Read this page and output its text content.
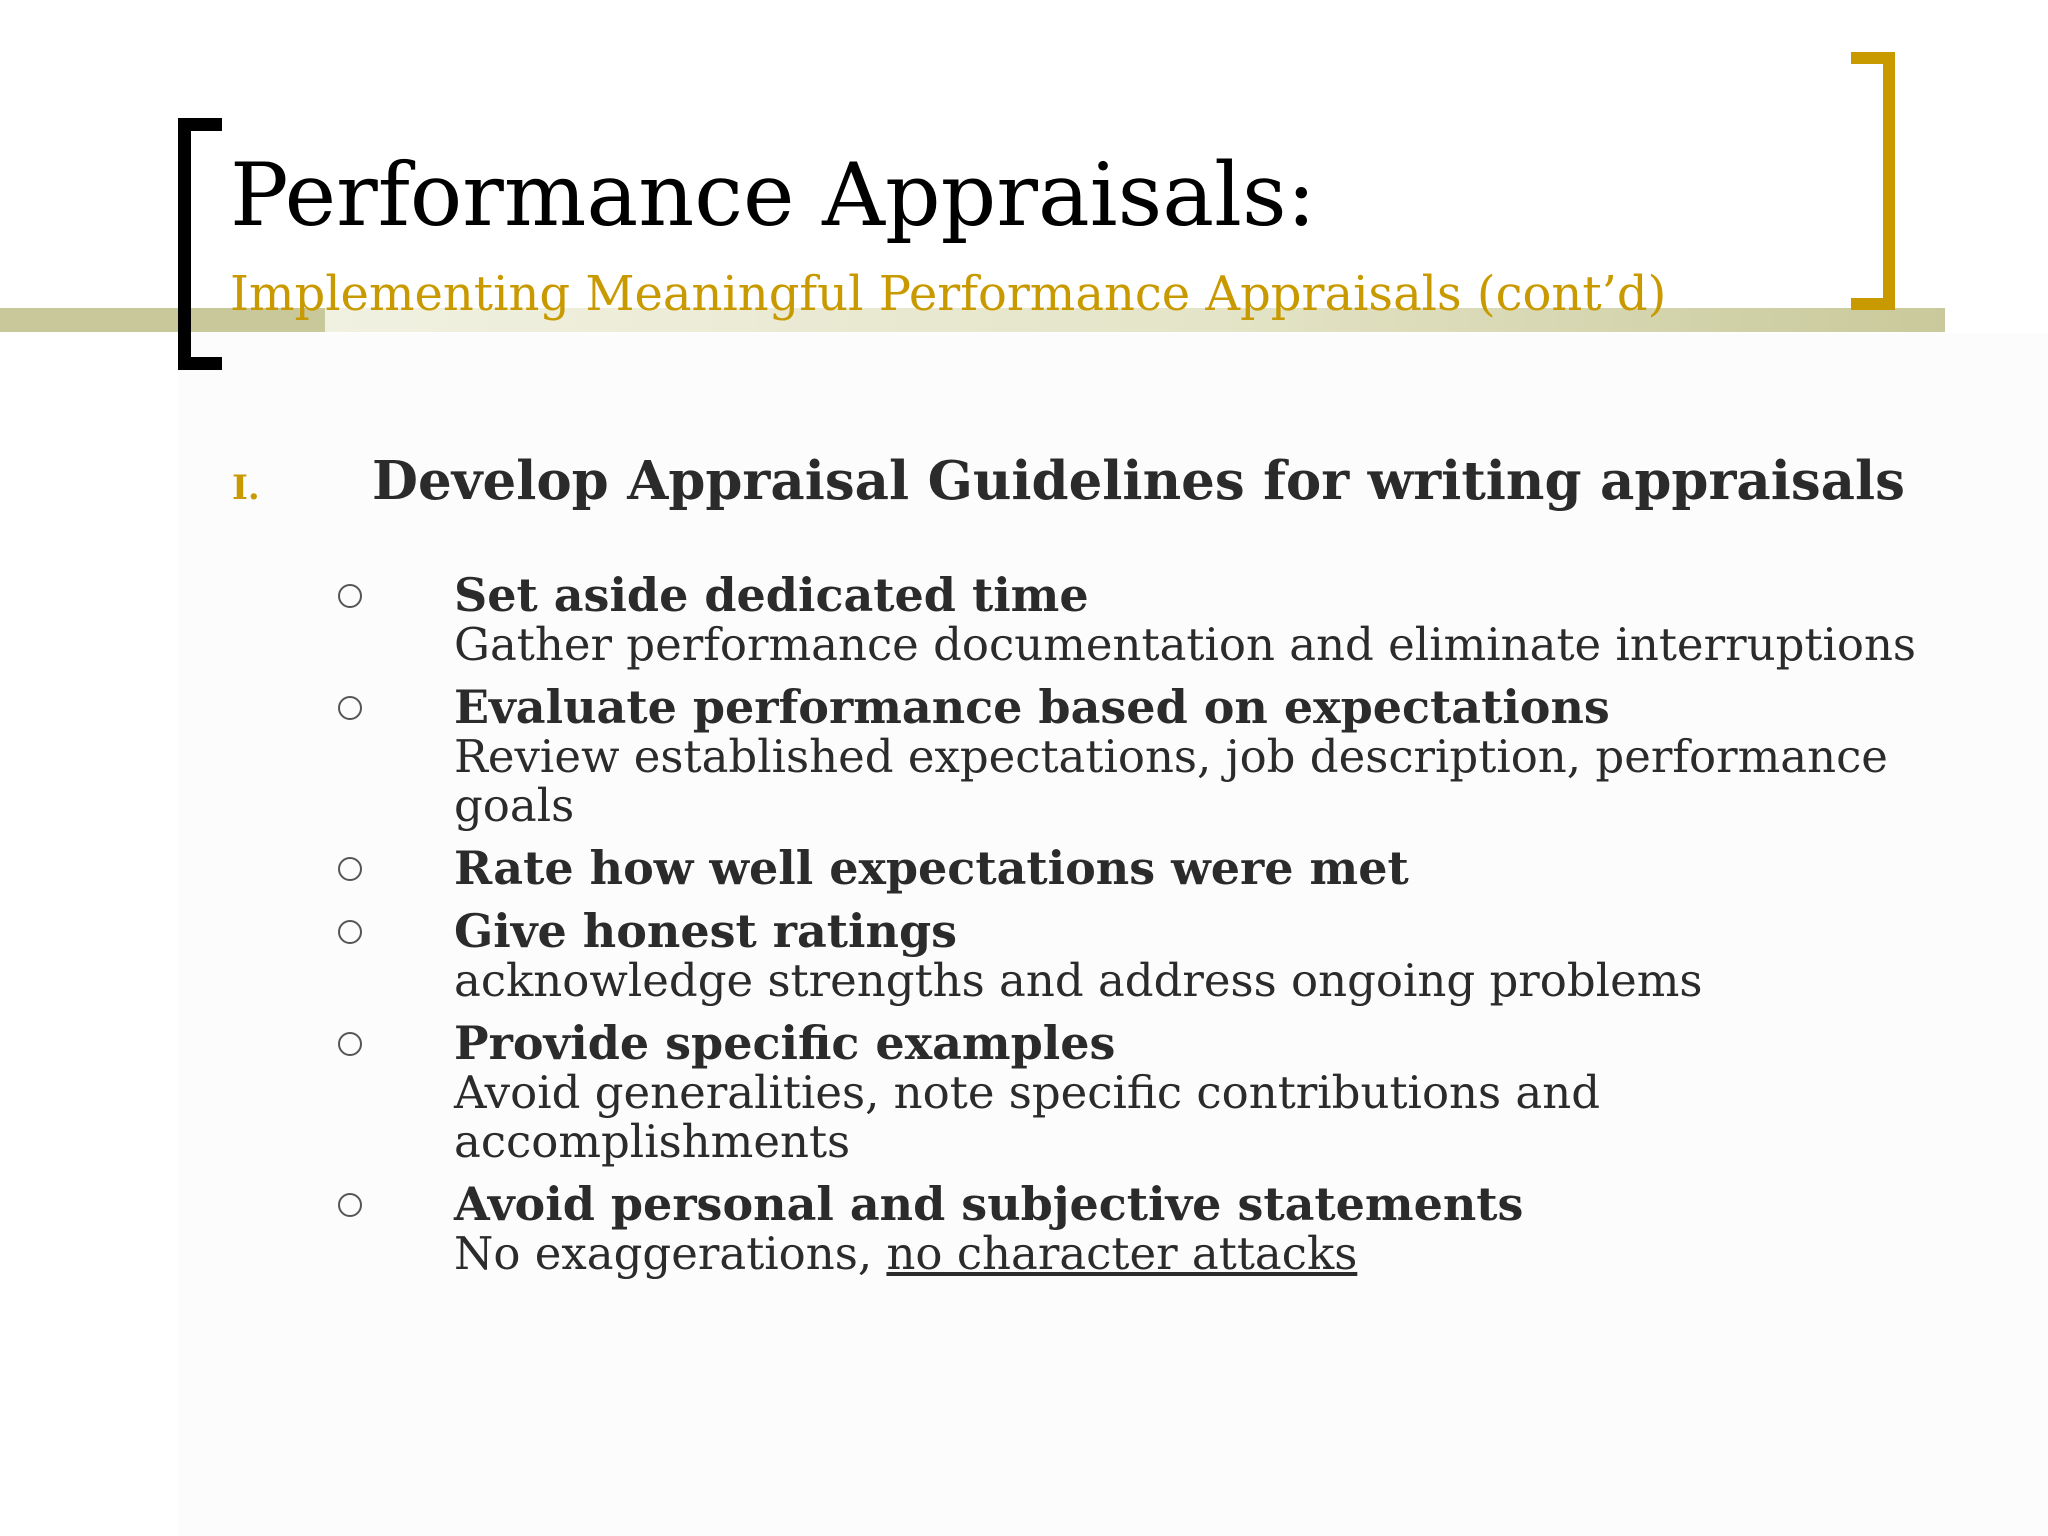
Performance Appraisals:
Implementing Meaningful Performance Appraisals (cont’d)
I. Develop Appraisal Guidelines for writing appraisals
Set aside dedicated time
Gather performance documentation and eliminate interruptions
Evaluate performance based on expectations
Review established expectations, job description, performance
goals
Rate how well expectations were met
Give honest ratings
acknowledge strengths and address ongoing problems
Provide specific examples
Avoid generalities, note specific contributions and
accomplishments
Avoid personal and subjective statements
No exaggerations, no character attacks
